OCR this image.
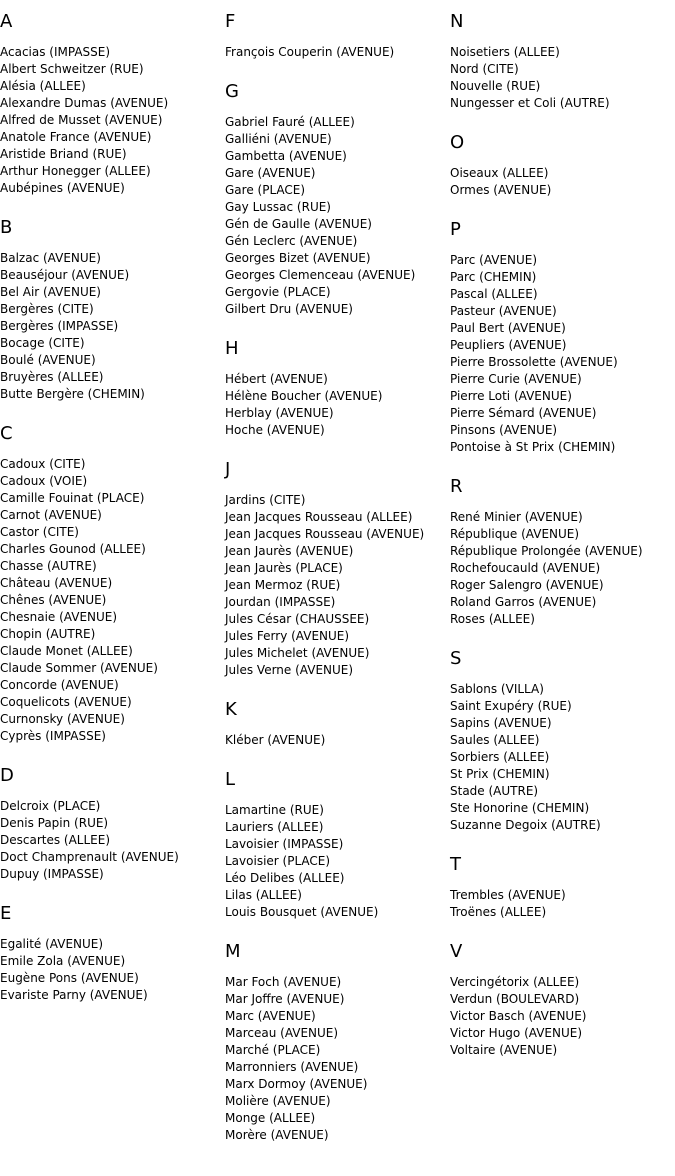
A
Acacias (IMPASSE)
Albert Schweitzer (RUE)
Alésia (ALLEE)
Alexandre Dumas (AVENUE)
Alfred de Musset (AVENUE)
Anatole France (AVENUE)
Aristide Briand (RUE)
Arthur Honegger (ALLEE)
Aubépines (AVENUE)
B
Balzac (AVENUE)
Beauséjour (AVENUE)
Bel Air (AVENUE)
Bergères (CITE)
Bergères (IMPASSE)
Bocage (CITE)
Boulé (AVENUE)
Bruyères (ALLEE)
Butte Bergère (CHEMIN)
C
Cadoux (CITE)
Cadoux (VOIE)
Camille Fouinat (PLACE)
Carnot (AVENUE)
Castor (CITE)
Charles Gounod (ALLEE)
Chasse (AUTRE)
Château (AVENUE)
Chênes (AVENUE)
Chesnaie (AVENUE)
Chopin (AUTRE)
Claude Monet (ALLEE)
Claude Sommer (AVENUE)
Concorde (AVENUE)
Coquelicots (AVENUE)
Curnonsky (AVENUE)
Cyprès (IMPASSE)
D
Delcroix (PLACE)
Denis Papin (RUE)
Descartes (ALLEE)
Doct Champrenault (AVENUE)
Dupuy (IMPASSE)
E
Egalité (AVENUE)
Emile Zola (AVENUE)
Eugène Pons (AVENUE)
Evariste Parny (AVENUE)
F
François Couperin (AVENUE)
G
Gabriel Fauré (ALLEE)
Galliéni (AVENUE)
Gambetta (AVENUE)
Gare (AVENUE)
Gare (PLACE)
Gay Lussac (RUE)
Gén de Gaulle (AVENUE)
Gén Leclerc (AVENUE)
Georges Bizet (AVENUE)
Georges Clemenceau (AVENUE)
Gergovie (PLACE)
Gilbert Dru (AVENUE)
H
Hébert (AVENUE)
Hélène Boucher (AVENUE)
Herblay (AVENUE)
Hoche (AVENUE)
J
Jardins (CITE)
Jean Jacques Rousseau (ALLEE)
Jean Jacques Rousseau (AVENUE)
Jean Jaurès (AVENUE)
Jean Jaurès (PLACE)
Jean Mermoz (RUE)
Jourdan (IMPASSE)
Jules César (CHAUSSEE)
Jules Ferry (AVENUE)
Jules Michelet (AVENUE)
Jules Verne (AVENUE)
K
Kléber (AVENUE)
L
Lamartine (RUE)
Lauriers (ALLEE)
Lavoisier (IMPASSE)
Lavoisier (PLACE)
Léo Delibes (ALLEE)
Lilas (ALLEE)
Louis Bousquet (AVENUE)
M
Mar Foch (AVENUE)
Mar Joffre (AVENUE)
Marc (AVENUE)
Marceau (AVENUE)
Marché (PLACE)
Marronniers (AVENUE)
Marx Dormoy (AVENUE)
Molière (AVENUE)
Monge (ALLEE)
Morère (AVENUE)
N
Noisetiers (ALLEE)
Nord (CITE)
Nouvelle (RUE)
Nungesser et Coli (AUTRE)
O
Oiseaux (ALLEE)
Ormes (AVENUE)
P
Parc (AVENUE)
Parc (CHEMIN)
Pascal (ALLEE)
Pasteur (AVENUE)
Paul Bert (AVENUE)
Peupliers (AVENUE)
Pierre Brossolette (AVENUE)
Pierre Curie (AVENUE)
Pierre Loti (AVENUE)
Pierre Sémard (AVENUE)
Pinsons (AVENUE)
Pontoise à St Prix (CHEMIN)
R
René Minier (AVENUE)
République (AVENUE)
République Prolongée (AVENUE)
Rochefoucauld (AVENUE)
Roger Salengro (AVENUE)
Roland Garros (AVENUE)
Roses (ALLEE)
S
Sablons (VILLA)
Saint Exupéry (RUE)
Sapins (AVENUE)
Saules (ALLEE)
Sorbiers (ALLEE)
St Prix (CHEMIN)
Stade (AUTRE)
Ste Honorine (CHEMIN)
Suzanne Degoix (AUTRE)
T
Trembles (AVENUE)
Troënes (ALLEE)
V
Vercingétorix (ALLEE)
Verdun (BOULEVARD)
Victor Basch (AVENUE)
Victor Hugo (AVENUE)
Voltaire (AVENUE)
